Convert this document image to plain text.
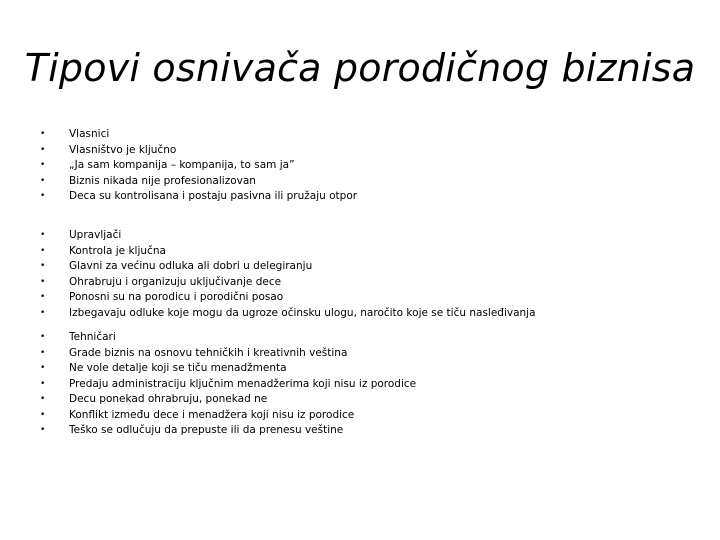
Tipovi osnivača porodičnog biznisa
•	Vlasnici
•	Vlasništvo je ključno
•	„Ja sam kompanija – kompanija, to sam ja”
•	Biznis nikada nije profesionalizovan
•	Deca su kontrolisana i postaju pasivna ili pružaju otpor
•	Upravljači
•	Kontrola je ključna
•	Glavni za većinu odluka ali dobri u delegiranju
•	Ohrabruju i organizuju uključivanje dece
•	Ponosni su na porodicu i porodični posao
•	Izbegavaju odluke koje mogu da ugroze očinsku ulogu, naročito koje se tiču nasleđivanja
•	Tehničari
•	Grade biznis na osnovu tehničkih i kreativnih veština
•	Ne vole detalje koji se tiču menadžmenta
•	Predaju administraciju ključnim menadžerima koji nisu iz porodice
•	Decu ponekad ohrabruju, ponekad ne
•	Konflikt između dece i menadžera koji nisu iz porodice
•	Teško se odlučuju da prepuste ili da prenesu veštine
